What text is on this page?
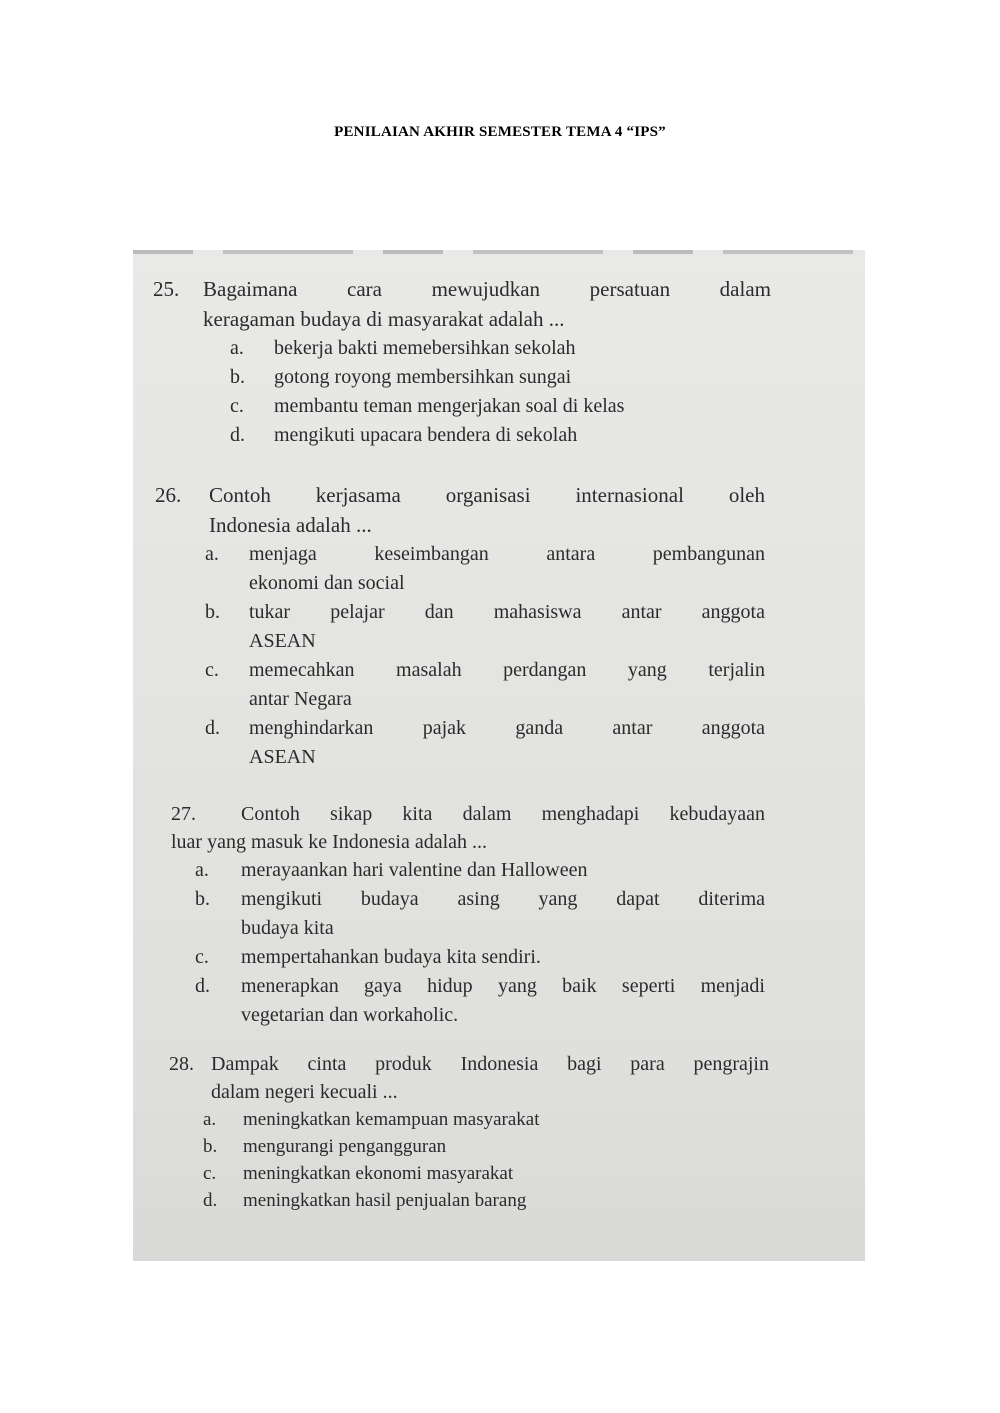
PENILAIAN AKHIR SEMESTER TEMA 4 “IPS”
25.	Bagaimana cara mewujudkan persatuan dalam
keragaman budaya di masyarakat adalah ...
a.	bekerja bakti memebersihkan sekolah
b.	gotong royong membersihkan sungai
c.	membantu teman mengerjakan soal di kelas
d.	mengikuti upacara bendera di sekolah
26.	Contoh kerjasama organisasi internasional oleh
Indonesia adalah ...
a.	menjaga keseimbangan antara pembangunan
ekonomi dan social
b.	tukar pelajar dan mahasiswa antar anggota
ASEAN
c.	memecahkan masalah perdangan yang terjalin
antar Negara
d.	menghindarkan pajak ganda antar anggota
ASEAN
27.	Contoh sikap kita dalam menghadapi kebudayaan
luar yang masuk ke Indonesia adalah ...
a.	merayaankan hari valentine dan Halloween
b.	mengikuti budaya asing yang dapat diterima
budaya kita
c.	mempertahankan budaya kita sendiri.
d.	menerapkan gaya hidup yang baik seperti menjadi
vegetarian dan workaholic.
28. Dampak cinta produk Indonesia bagi para pengrajin
dalam negeri kecuali ...
a.	meningkatkan kemampuan masyarakat
b.	mengurangi pengangguran
c.	meningkatkan ekonomi masyarakat
d.	meningkatkan hasil penjualan barang
